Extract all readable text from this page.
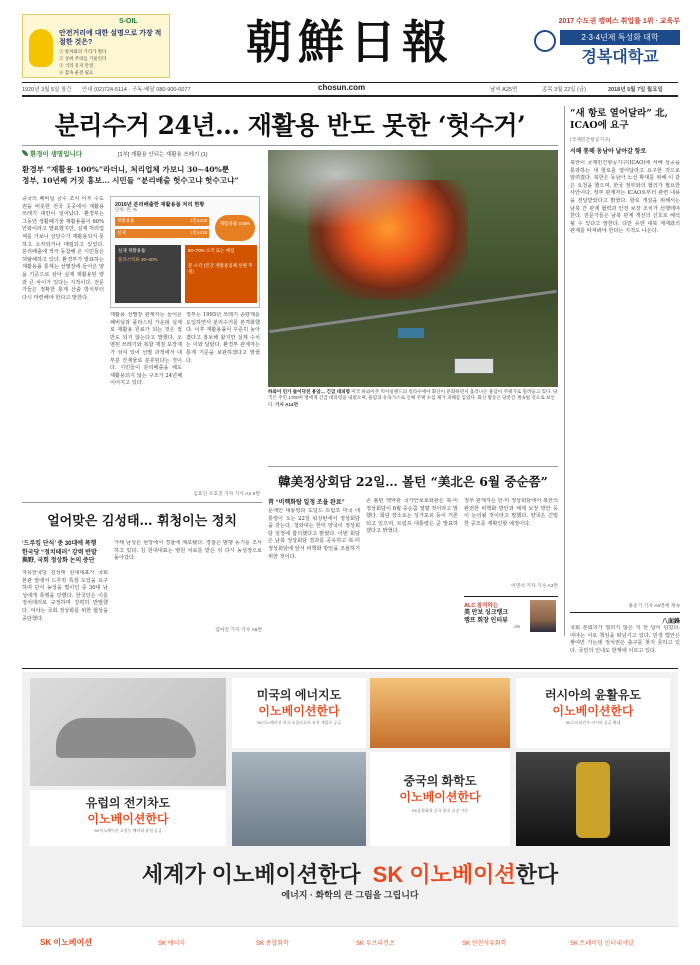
S-OIL
안전거리에 대한 설명으로 가장 적절한 것은?
① 앞차와의 거리가 멀다
② 상위 주의를 기울인다
③ 거리 유지 안전
④ 감속 운전 필요
朝鮮日報	2017 수도권 캠퍼스 취업률 1위 · 교육부
2·3·4년제 특성화 대학
경복대학교
1920년 3월 5일 창간 안내 (02)724-5114 · 구독·배달 080-900-0077	chosun.com	날씨 A25면	종목 3월 22일 (금)	2018년 5월 7일 월요일
분리수거 24년… 재활용 반도 못한 ‘헛수거’
환경이 생명입니다	[1부] 재활용 안되는 재활용 쓰레기 (1)
환경부 “재활용 100%”라더니, 처리업체 가보니 30~40%뿐
정부, 10년째 거짓 홍보… 시민들 “분리배출 헛수고냐 헛수고냐”
중국의 폐비닐 금수 조치 이후 수도권을 비롯한 전국 곳곳에서 재활용 쓰레기 대란이 일어났다. 환경부는 그동안 생활폐기물 재활용률이 60% 안팎이라고 발표했지만, 실제 처리업체를 가보니 상당수가 재활용되지 못하고 소각되거나 매립되고 있었다. 분리배출에 적극 동참해 온 시민들은 허탈해하고 있다. 환경부가 발표하는 재활용률 통계는 선별장에 들어온 양을 기준으로 삼아 실제 재활용된 양과 큰 차이가 있다는 지적이다. 전문가들은 정확한 통계 산출 방식부터 다시 마련해야 한다고 말한다.
2016년 분리배출한 재활용품 처리 현황
단위: 톤, %
재활용률	1만4418
실제	1만4418
재활용률 100%
실제 재활용률
플라스틱류 30~40%
60~70% 소각 또는 매립
분·소각 (민간 재활용업체 선별 추정)
재활용 선별장 관계자는 들어온 폐비닐과 플라스틱 가운데 실제로 재활용 원료가 되는 것은 절반도 되지 않는다고 말했다. 오염된 쓰레기와 복합 재질 포장재가 섞여 있어 선별 과정에서 대부분 잔재물로 분류된다는 것이다. 시민들이 분리배출을 해도 재활용되지 않는 구조가 24년째 이어지고 있다.
정부는 1995년 쓰레기 종량제를 도입하면서 분리수거를 본격화했다. 이후 재활용률이 꾸준히 높아졌다고 홍보해 왔지만 실제 수치는 이와 달랐다. 환경부 관계자는 통계 기준을 보완하겠다고 밝혔다.
김효인·조호진 기자 기사 A4·5면
하와이 인가 들이닥친 용암… 긴급 대피령 미국 하와이주 빅아일랜드의 킬라우에아 화산이 분화하면서 흘러나온 용암이 주택가로 밀려들고 있다. 당국은 주민 1700여 명에게 긴급 대피령을 내렸으며, 용암과 유독가스로 인해 주택 수십 채가 피해를 입었다. 화산 활동은 당분간 계속될 것으로 보인다. 기사 A14면
韓美정상회담 22일… 볼턴 “美北은 6월 중순쯤”
靑 “비핵화탑 일정 조율 완료”
문재인 대통령과 도널드 트럼프 미국 대통령이 오는 22일 워싱턴에서 정상회담을 갖는다. 청와대는 한미 양국이 정상회담 일정에 합의했다고 밝혔다. 이번 회담은 남북 정상회담 결과를 공유하고 북·미 정상회담에 앞서 비핵화 방안을 조율하기 위한 것이다.
존 볼턴 백악관 국가안보보좌관은 북·미 정상회담이 6월 중순쯤 열릴 것이라고 말했다. 회담 장소로는 싱가포르 등이 거론되고 있으며, 트럼프 대통령은 곧 발표하겠다고 밝혔다.
정부 관계자는 한·미 정상회담에서 북한의 완전한 비핵화 방안과 체제 보장 방안 등이 논의될 것이라고 말했다. 양국은 긴밀한 공조를 재확인할 예정이다.
이민석 기자 기사 A3면
ALC 참석하는
美 안보 싱크탱크
캠프 회장 인터뷰
A6
얼어맞은 김성태… 휘청이는 정치
‘드루킹 단식’ 중 30대에 폭행
한국당 “정치테러” 강력 반발
與野, 국회 정상화 논의 중단
자유한국당 김성태 원내대표가 국회 본관 앞에서 드루킹 특검 도입을 요구하며 단식 농성을 벌이던 중 30대 남성에게 폭행을 당했다. 한국당은 이를 정치테러로 규정하며 강력히 반발했다. 여야는 국회 정상화를 위한 협상을 중단했다.
가해 남성은 현장에서 경찰에 체포됐다. 경찰은 범행 동기를 조사하고 있다. 김 원내대표는 병원 치료를 받은 뒤 다시 농성장으로 돌아갔다.
김아진 기자 기사 A6면
“새 항로 열어달라” 北, ICAO에 요구
(국제민간항공기구)
서해 통해 동남아 날아갈 항로
북한이 국제민간항공기구(ICAO)에 서해 상공을 통과하는 새 항로를 열어달라고 요구한 것으로 알려졌다. 북한은 동남아 노선 확대를 위해 이 같은 요청을 했으며, 한국 정부와의 협의가 필요한 사안이다. 정부 관계자는 ICAO로부터 관련 내용을 전달받았다고 밝혔다. 항로 개설을 위해서는 남북 간 관제 협력과 안전 보장 조치가 선행돼야 한다. 전문가들은 남북 관계 개선의 신호로 해석될 수 있다고 말한다. 다만 유엔 대북 제재와의 관계를 따져봐야 한다는 지적도 나온다.
홍준기 기자 A6면에 계속
八面鋒
국회 본회의가 열리지 않은 지 한 달이 넘었다. 여야는 서로 책임을 떠넘기고 있다. 민생 법안은 쌓여만 가는데 정치권은 출구를 찾지 못하고 있다. 국민의 인내도 한계에 이르고 있다.
미국의 에너지도
이노베이션한다
SK이노베이션 미국 오클라호마 유전 개발로 공급
러시아의 윤활유도
이노베이션한다
SK루브리컨츠 러시아 공급 확대
유럽의 전기차도
이노베이션한다
SK이노베이션 고성능 배터리 유럽 공급
중국의 화학도
이노베이션한다
SK종합화학 중국 합작 공장 가동
세계가 이노베이션한다 SK 이노베이션한다
에너지 · 화학의 큰 그림을 그립니다
SK 이노베이션	SK 에너지	SK 종합화학	SK 루브리컨츠	SK 인천석유화학	SK 트레이딩 인터내셔널
